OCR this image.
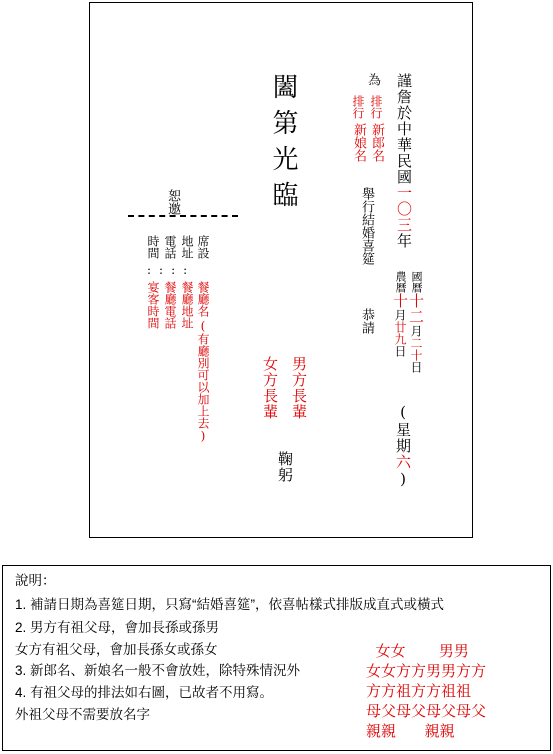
謹詹於中華民國一〇三年
國曆十二月二十日
農曆十月廿九日
(星期六)
為
排行
新郎名
排行
新娘名
舉行結婚喜筵
恭請
闔第光臨
男方長輩
女方長輩
鞠躬
恕邀
席設
地址
電話
時間
::::
餐廳名
(有廳別可以加上去)
餐廳地址
餐廳電話
宴客時間
說明：
1. 補請日期為喜筵日期，只寫“結婚喜筵”，依喜帖樣式排版成直式或橫式
2. 男方有祖父母，會加長孫或孫男
女方有祖父母，會加長孫女或孫女
3. 新郎名、新娘名一般不會放姓，除特殊情況外
4. 有祖父母的排法如右圖，已故者不用寫。
外祖父母不需要放名字
女女       男男
女女方方男男方方
方方祖方方祖祖
母父母父母父母父
親親      親親
